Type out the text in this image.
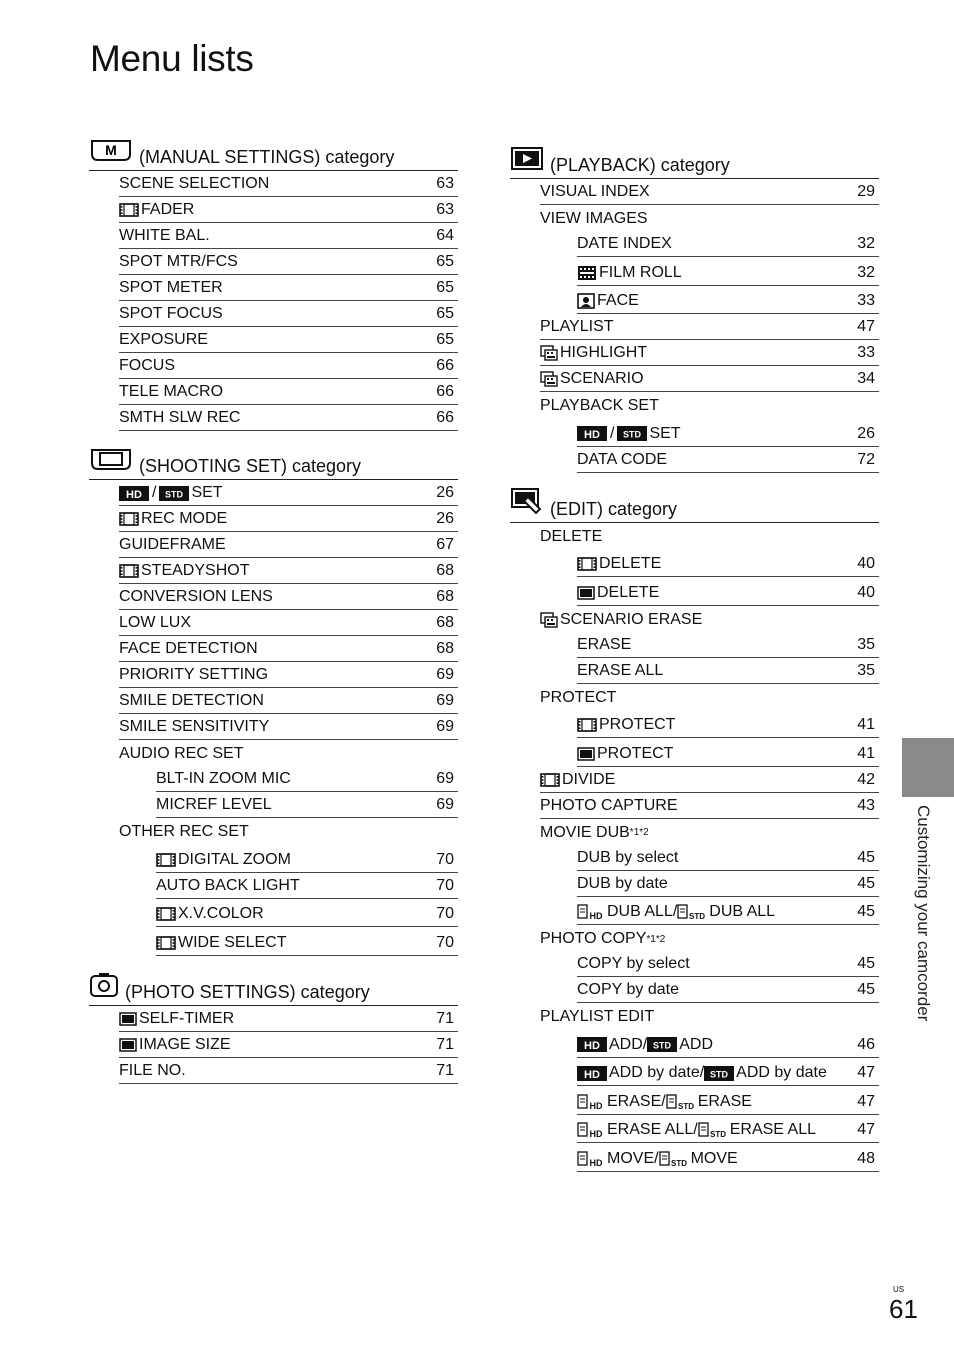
Menu lists
M (MANUAL SETTINGS) category
SCENE SELECTION	63
FADER	63
WHITE BAL.	64
SPOT MTR/FCS	65
SPOT METER	65
SPOT FOCUS	65
EXPOSURE	65
FOCUS	66
TELE MACRO	66
SMTH SLW REC	66
(SHOOTING SET) category
HD / STD SET	26
REC MODE	26
GUIDEFRAME	67
STEADYSHOT	68
CONVERSION LENS	68
LOW LUX	68
FACE DETECTION	68
PRIORITY SETTING	69
SMILE DETECTION	69
SMILE SENSITIVITY	69
AUDIO REC SET
BLT-IN ZOOM MIC	69
MICREF LEVEL	69
OTHER REC SET
DIGITAL ZOOM	70
AUTO BACK LIGHT	70
X.V.COLOR	70
WIDE SELECT	70
(PHOTO SETTINGS) category
SELF-TIMER	71
IMAGE SIZE	71
FILE NO.	71
(PLAYBACK) category
VISUAL INDEX	29
VIEW IMAGES
DATE INDEX	32
FILM ROLL	32
FACE	33
PLAYLIST	47
HIGHLIGHT	33
SCENARIO	34
PLAYBACK SET
HD / STD SET	26
DATA CODE	72
(EDIT) category
DELETE
DELETE	40
DELETE	40
SCENARIO ERASE
ERASE	35
ERASE ALL	35
PROTECT
PROTECT	41
PROTECT	41
DIVIDE	42
PHOTO CAPTURE	43
MOVIE DUB *1*2
DUB by select	45
DUB by date	45
HD DUB ALL/ STD DUB ALL	45
PHOTO COPY *1*2
COPY by select	45
COPY by date	45
PLAYLIST EDIT
HD ADD/ STD ADD	46
HD ADD by date/ STD ADD by date 47
HD ERASE/ STD ERASE	47
HD ERASE ALL/ STD ERASE ALL	47
HD MOVE/ STD MOVE	48
Customizing your camcorder
US
61
